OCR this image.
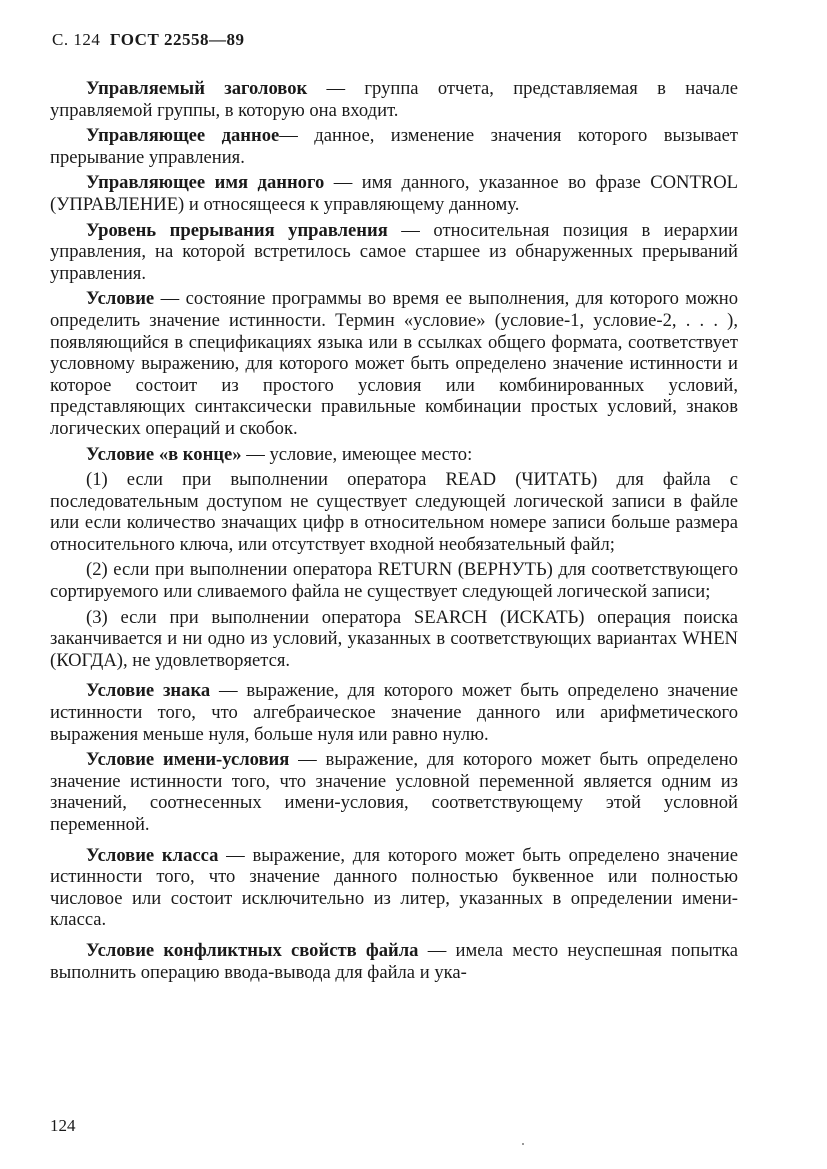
С. 124 ГОСТ 22558—89

Управляемый заголовок — группа отчета, представляемая в начале управляемой группы, в которую она входит.

Управляющее данное— данное, изменение значения которого вызывает прерывание управления.

Управляющее имя данного — имя данного, указанное во фразе CONTROL (УПРАВЛЕНИЕ) и относящееся к управляющему данному.

Уровень прерывания управления — относительная позиция в иерархии управления, на которой встретилось самое старшее из обнаруженных прерываний управления.

Условие — состояние программы во время ее выполнения, для которого можно определить значение истинности. Термин «условие» (условие-1, условие-2, . . . ), появляющийся в спецификациях языка или в ссылках общего формата, соответствует условному выражению, для которого может быть определено значение истинности и которое состоит из простого условия или комбинированных условий, представляющих синтаксически правильные комбинации простых условий, знаков логических операций и скобок.

Условие «в конце» — условие, имеющее место:

(1) если при выполнении оператора READ (ЧИТАТЬ) для файла с последовательным доступом не существует следующей логической записи в файле или если количество значащих цифр в относительном номере записи больше размера относительного ключа, или отсутствует входной необязательный файл;

(2) если при выполнении оператора RETURN (ВЕРНУТЬ) для соответствующего сортируемого или сливаемого файла не существует следующей логической записи;

(3) если при выполнении оператора SEARCH (ИСКАТЬ) операция поиска заканчивается и ни одно из условий, указанных в соответствующих вариантах WHEN (КОГДА), не удовлетворяется.

Условие знака — выражение, для которого может быть определено значение истинности того, что алгебраическое значение данного или арифметического выражения меньше нуля, больше нуля или равно нулю.

Условие имени-условия — выражение, для которого может быть определено значение истинности того, что значение условной переменной является одним из значений, соотнесенных имени-условия, соответствующему этой условной переменной.

Условие класса — выражение, для которого может быть определено значение истинности того, что значение данного полностью буквенное или полностью числовое или состоит исключительно из литер, указанных в определении имени-класса.

Условие конфликтных свойств файла — имела место неуспешная попытка выполнить операцию ввода-вывода для файла и ука-

124
